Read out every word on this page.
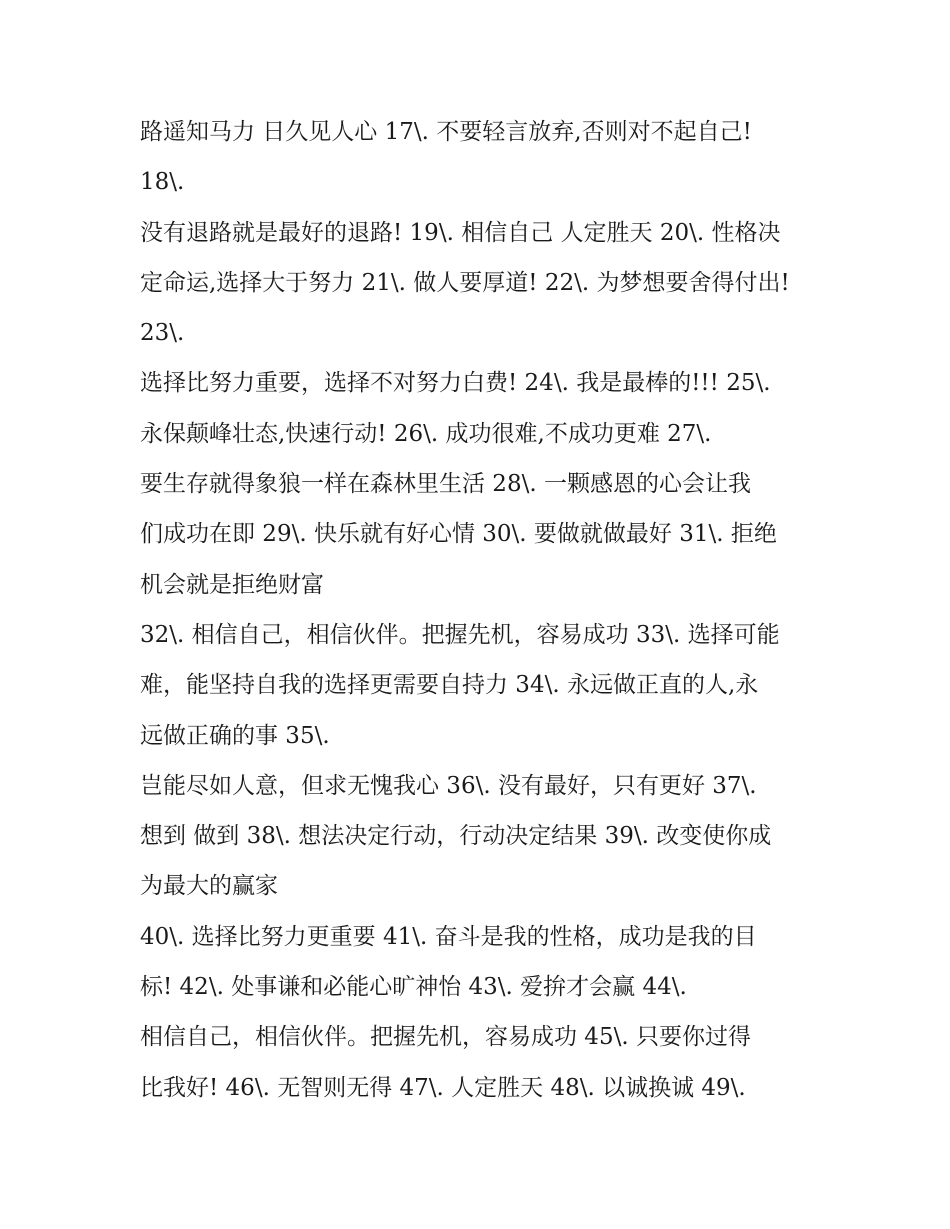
路遥知马力 日久见人心 17\. 不要轻言放弃,否则对不起自己!
18\.
没有退路就是最好的退路! 19\. 相信自己 人定胜天 20\. 性格决
定命运,选择大于努力 21\. 做人要厚道! 22\. 为梦想要舍得付出!
23\.
选择比努力重要，选择不对努力白费! 24\. 我是最棒的!!! 25\.
永保颠峰壮态,快速行动! 26\. 成功很难,不成功更难 27\.
要生存就得象狼一样在森林里生活 28\. 一颗感恩的心会让我
们成功在即 29\. 快乐就有好心情 30\. 要做就做最好 31\. 拒绝
机会就是拒绝财富
32\. 相信自己，相信伙伴。把握先机，容易成功 33\. 选择可能
难，能坚持自我的选择更需要自持力 34\. 永远做正直的人,永
远做正确的事 35\.
岂能尽如人意，但求无愧我心 36\. 没有最好，只有更好 37\.
想到 做到 38\. 想法决定行动，行动决定结果 39\. 改变使你成
为最大的赢家
40\. 选择比努力更重要 41\. 奋斗是我的性格，成功是我的目
标! 42\. 处事谦和必能心旷神怡 43\. 爱拚才会赢 44\.
相信自己，相信伙伴。把握先机，容易成功 45\. 只要你过得
比我好! 46\. 无智则无得 47\. 人定胜天 48\. 以诚换诚 49\.
